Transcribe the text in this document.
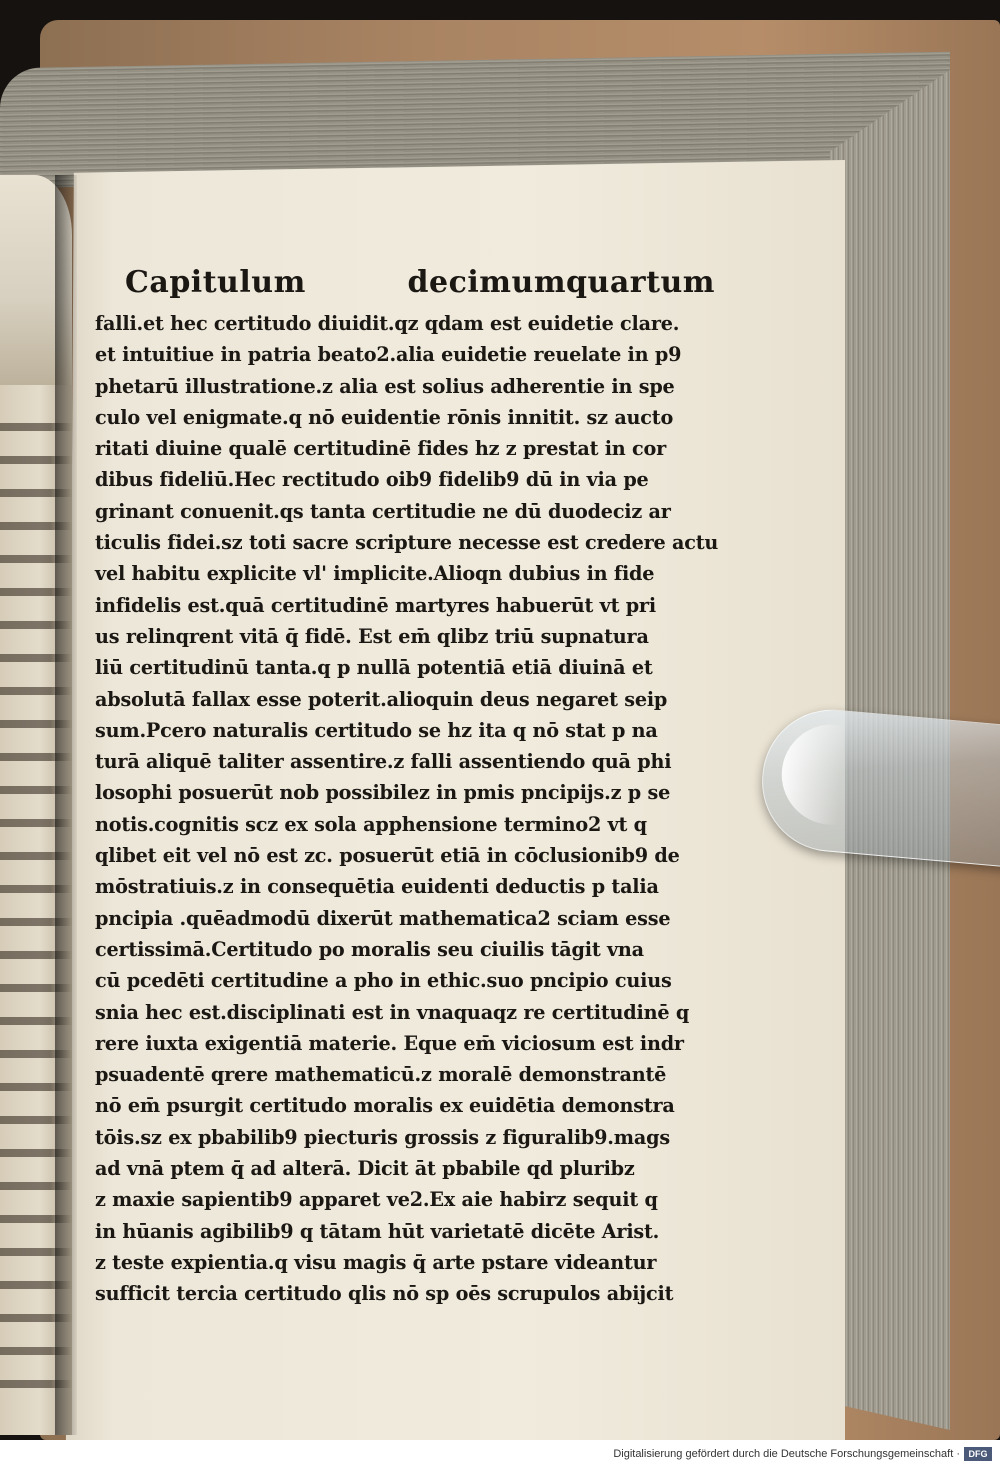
Capitulum	decimumquartum
falli.et hec certitudo diuidit.qz qdam est euidetie clare.
et intuitiue in patria beato2.alia euidetie reuelate in p9
phetarū illustratione.z alia est solius adherentie in spe
culo vel enigmate.q nō euidentie rōnis innitit. sz aucto
ritati diuine qualē certitudinē fides hz z prestat in cor
dibus fideliū.Hec rectitudo oib9 fidelib9 dū in via pe
grinant conuenit.qs tanta certitudie ne dū duodeciz ar
ticulis fidei.sz toti sacre scripture necesse est credere actu
vel habitu explicite vl' implicite.Alioqn dubius in fide
infidelis est.quā certitudinē martyres habuerūt vt pri
us relinqrent vitā q̄ fidē. Est em̄ qlibz triū supnatura
liū certitudinū tanta.q p nullā potentiā etiā diuinā et
absolutā fallax esse poterit.alioquin deus negaret seip
sum.Pcero naturalis certitudo se hz ita q nō stat p na
turā aliquē taliter assentire.z falli assentiendo quā phi
losophi posuerūt nob possibilez in pmis pncipijs.z p se
notis.cognitis scz ex sola apphensione termino2 vt q
qlibet eit vel nō est zc. posuerūt etiā in cōclusionib9 de
mōstratiuis.z in consequētia euidenti deductis p talia
pncipia .quēadmodū dixerūt mathematica2 sciam esse
certissimā.Certitudo po moralis seu ciuilis tāgit vna
cū pcedēti certitudine a pho in ethic.suo pncipio cuius
snia hec est.disciplinati est in vnaquaqz re certitudinē q
rere iuxta exigentiā materie. Eque em̄ viciosum est indr
psuadentē qrere mathematicū.z moralē demonstrantē
nō em̄ psurgit certitudo moralis ex euidētia demonstra
tōis.sz ex pbabilib9 piecturis grossis z figuralib9.mags
ad vnā ptem q̄ ad alterā. Dicit āt pbabile qd pluribz
z maxie sapientib9 apparet ve2.Ex aie habirz sequit q
in hūanis agibilib9 q tātam hūt varietatē dicēte Arist.
z teste expientia.q visu magis q̄ arte pstare videantur
sufficit tercia certitudo qlis nō sp oēs scrupulos abijcit
Digitalisierung gefördert durch die Deutsche Forschungsgemeinschaft · DFG
